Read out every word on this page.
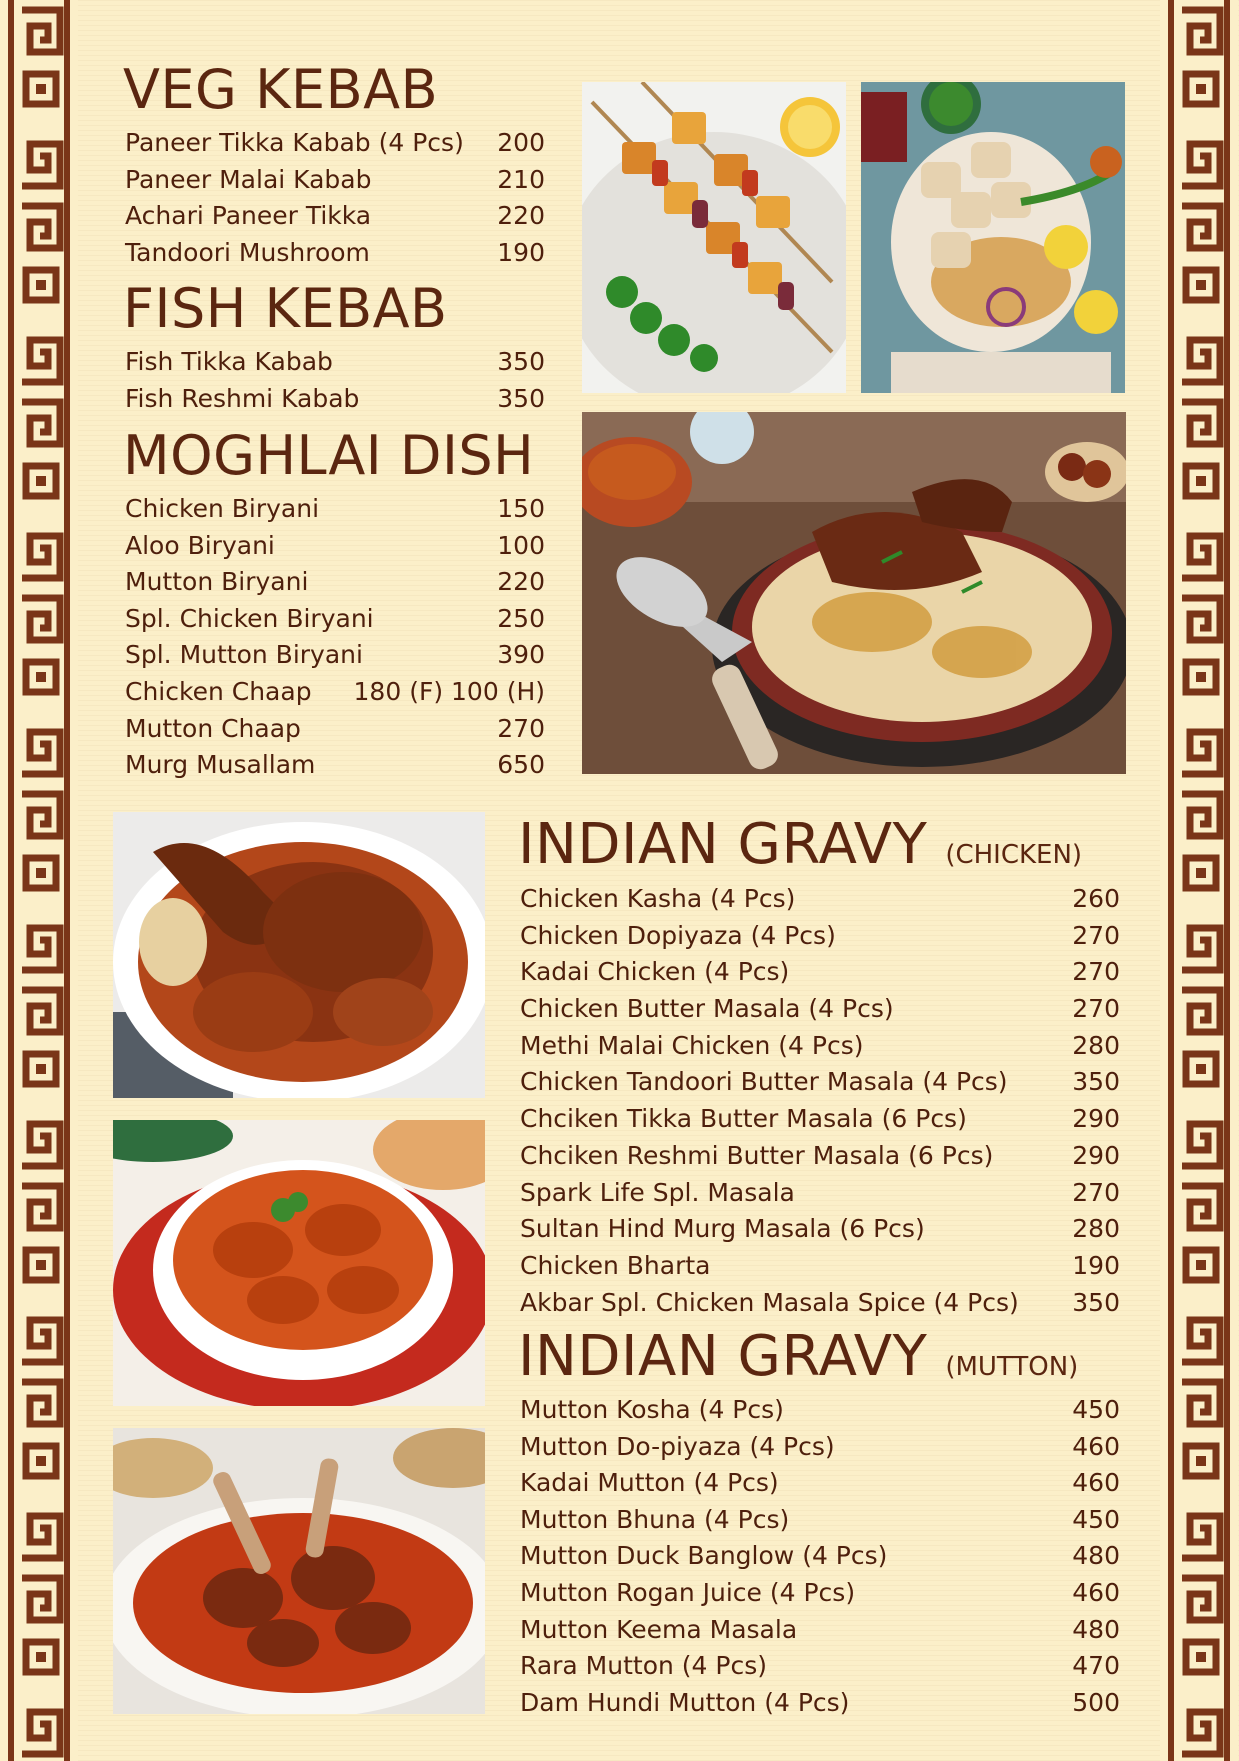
VEG KEBAB
Paneer Tikka Kabab (4 Pcs) 200
Paneer Malai Kabab	210
Achari Paneer Tikka	220
Tandoori Mushroom	190
FISH KEBAB
Fish Tikka Kabab	350
Fish Reshmi Kabab	350
MOGHLAI DISH
Chicken Biryani	150
Aloo Biryani	100
Mutton Biryani	220
Spl. Chicken Biryani	250
Spl. Mutton Biryani	390
Chicken Chaap 180 (F) 100 (H)
Mutton Chaap	270
Murg Musallam	650
INDIAN GRAVY (CHICKEN)
Chicken Kasha (4 Pcs)	260
Chicken Dopiyaza (4 Pcs)	270
Kadai Chicken (4 Pcs)	270
Chicken Butter Masala (4 Pcs)	270
Methi Malai Chicken (4 Pcs)	280
Chicken Tandoori Butter Masala (4 Pcs)	350
Chciken Tikka Butter Masala (6 Pcs)	290
Chciken Reshmi Butter Masala (6 Pcs)	290
Spark Life Spl. Masala	270
Sultan Hind Murg Masala (6 Pcs)	280
Chicken Bharta	190
Akbar Spl. Chicken Masala Spice (4 Pcs) 350
INDIAN GRAVY (MUTTON)
Mutton Kosha (4 Pcs)	450
Mutton Do-piyaza (4 Pcs)	460
Kadai Mutton (4 Pcs)	460
Mutton Bhuna (4 Pcs)	450
Mutton Duck Banglow (4 Pcs)	480
Mutton Rogan Juice (4 Pcs)	460
Mutton Keema Masala	480
Rara Mutton (4 Pcs)	470
Dam Hundi Mutton (4 Pcs)	500
